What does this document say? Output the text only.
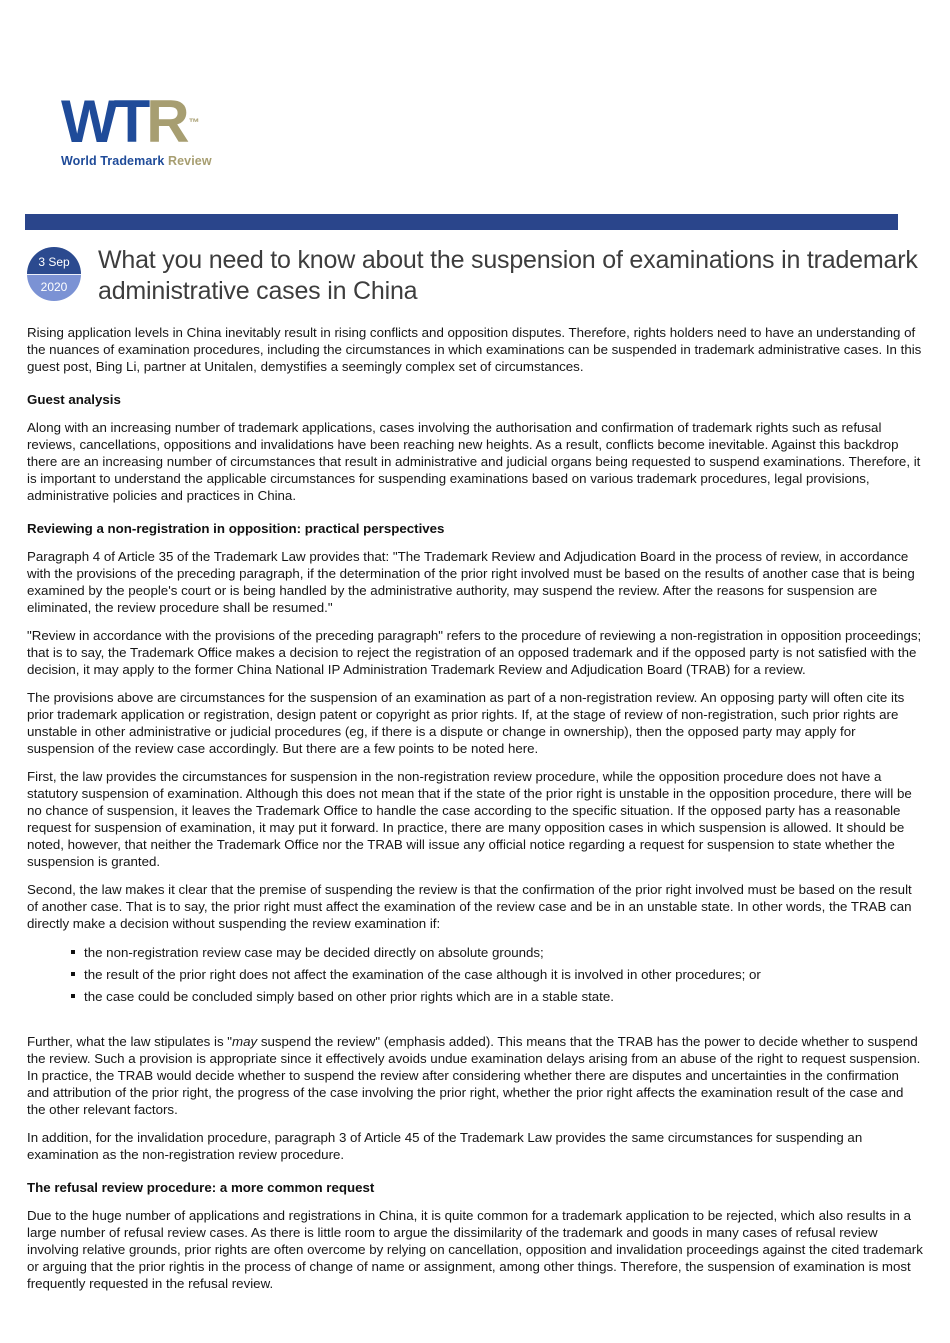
WT R ™
World Trademark Review
3 Sep
2020
What you need to know about the suspension of examinations in trademark administrative cases in China

Rising application levels in China inevitably result in rising conflicts and opposition disputes. Therefore, rights holders need to have an understanding of the nuances of examination procedures, including the circumstances in which examinations can be suspended in trademark administrative cases. In this guest post, Bing Li, partner at Unitalen, demystifies a seemingly complex set of circumstances.

Guest analysis

Along with an increasing number of trademark applications, cases involving the authorisation and confirmation of trademark rights such as refusal reviews, cancellations, oppositions and invalidations have been reaching new heights. As a result, conflicts become inevitable. Against this backdrop there are an increasing number of circumstances that result in administrative and judicial organs being requested to suspend examinations. Therefore, it is important to understand the applicable circumstances for suspending examinations based on various trademark procedures, legal provisions, administrative policies and practices in China.

Reviewing a non-registration in opposition: practical perspectives

Paragraph 4 of Article 35 of the Trademark Law provides that: "The Trademark Review and Adjudication Board in the process of review, in accordance with the provisions of the preceding paragraph, if the determination of the prior right involved must be based on the results of another case that is being examined by the people's court or is being handled by the administrative authority, may suspend the review. After the reasons for suspension are eliminated, the review procedure shall be resumed."

"Review in accordance with the provisions of the preceding paragraph" refers to the procedure of reviewing a non-registration in opposition proceedings; that is to say, the Trademark Office makes a decision to reject the registration of an opposed trademark and if the opposed party is not satisfied with the decision, it may apply to the former China National IP Administration Trademark Review and Adjudication Board (TRAB) for a review.

The provisions above are circumstances for the suspension of an examination as part of a non-registration review. An opposing party will often cite its prior trademark application or registration, design patent or copyright as prior rights. If, at the stage of review of non-registration, such prior rights are unstable in other administrative or judicial procedures (eg, if there is a dispute or change in ownership), then the opposed party may apply for suspension of the review case accordingly. But there are a few points to be noted here.

First, the law provides the circumstances for suspension in the non-registration review procedure, while the opposition procedure does not have a statutory suspension of examination. Although this does not mean that if the state of the prior right is unstable in the opposition procedure, there will be no chance of suspension, it leaves the Trademark Office to handle the case according to the specific situation. If the opposed party has a reasonable request for suspension of examination, it may put it forward. In practice, there are many opposition cases in which suspension is allowed. It should be noted, however, that neither the Trademark Office nor the TRAB will issue any official notice regarding a request for suspension to state whether the suspension is granted.

Second, the law makes it clear that the premise of suspending the review is that the confirmation of the prior right involved must be based on the result of another case. That is to say, the prior right must affect the examination of the review case and be in an unstable state. In other words, the TRAB can directly make a decision without suspending the review examination if:

the non-registration review case may be decided directly on absolute grounds;
the result of the prior right does not affect the examination of the case although it is involved in other procedures; or
the case could be concluded simply based on other prior rights which are in a stable state.

Further, what the law stipulates is "may suspend the review" (emphasis added). This means that the TRAB has the power to decide whether to suspend the review. Such a provision is appropriate since it effectively avoids undue examination delays arising from an abuse of the right to request suspension. In practice, the TRAB would decide whether to suspend the review after considering whether there are disputes and uncertainties in the confirmation and attribution of the prior right, the progress of the case involving the prior right, whether the prior right affects the examination result of the case and the other relevant factors.

In addition, for the invalidation procedure, paragraph 3 of Article 45 of the Trademark Law provides the same circumstances for suspending an examination as the non-registration review procedure.

The refusal review procedure: a more common request

Due to the huge number of applications and registrations in China, it is quite common for a trademark application to be rejected, which also results in a large number of refusal review cases. As there is little room to argue the dissimilarity of the trademark and goods in many cases of refusal review involving relative grounds, prior rights are often overcome by relying on cancellation, opposition and invalidation proceedings against the cited trademark or arguing that the prior rightis in the process of change of name or assignment, among other things. Therefore, the suspension of examination is most frequently requested in the refusal review.
